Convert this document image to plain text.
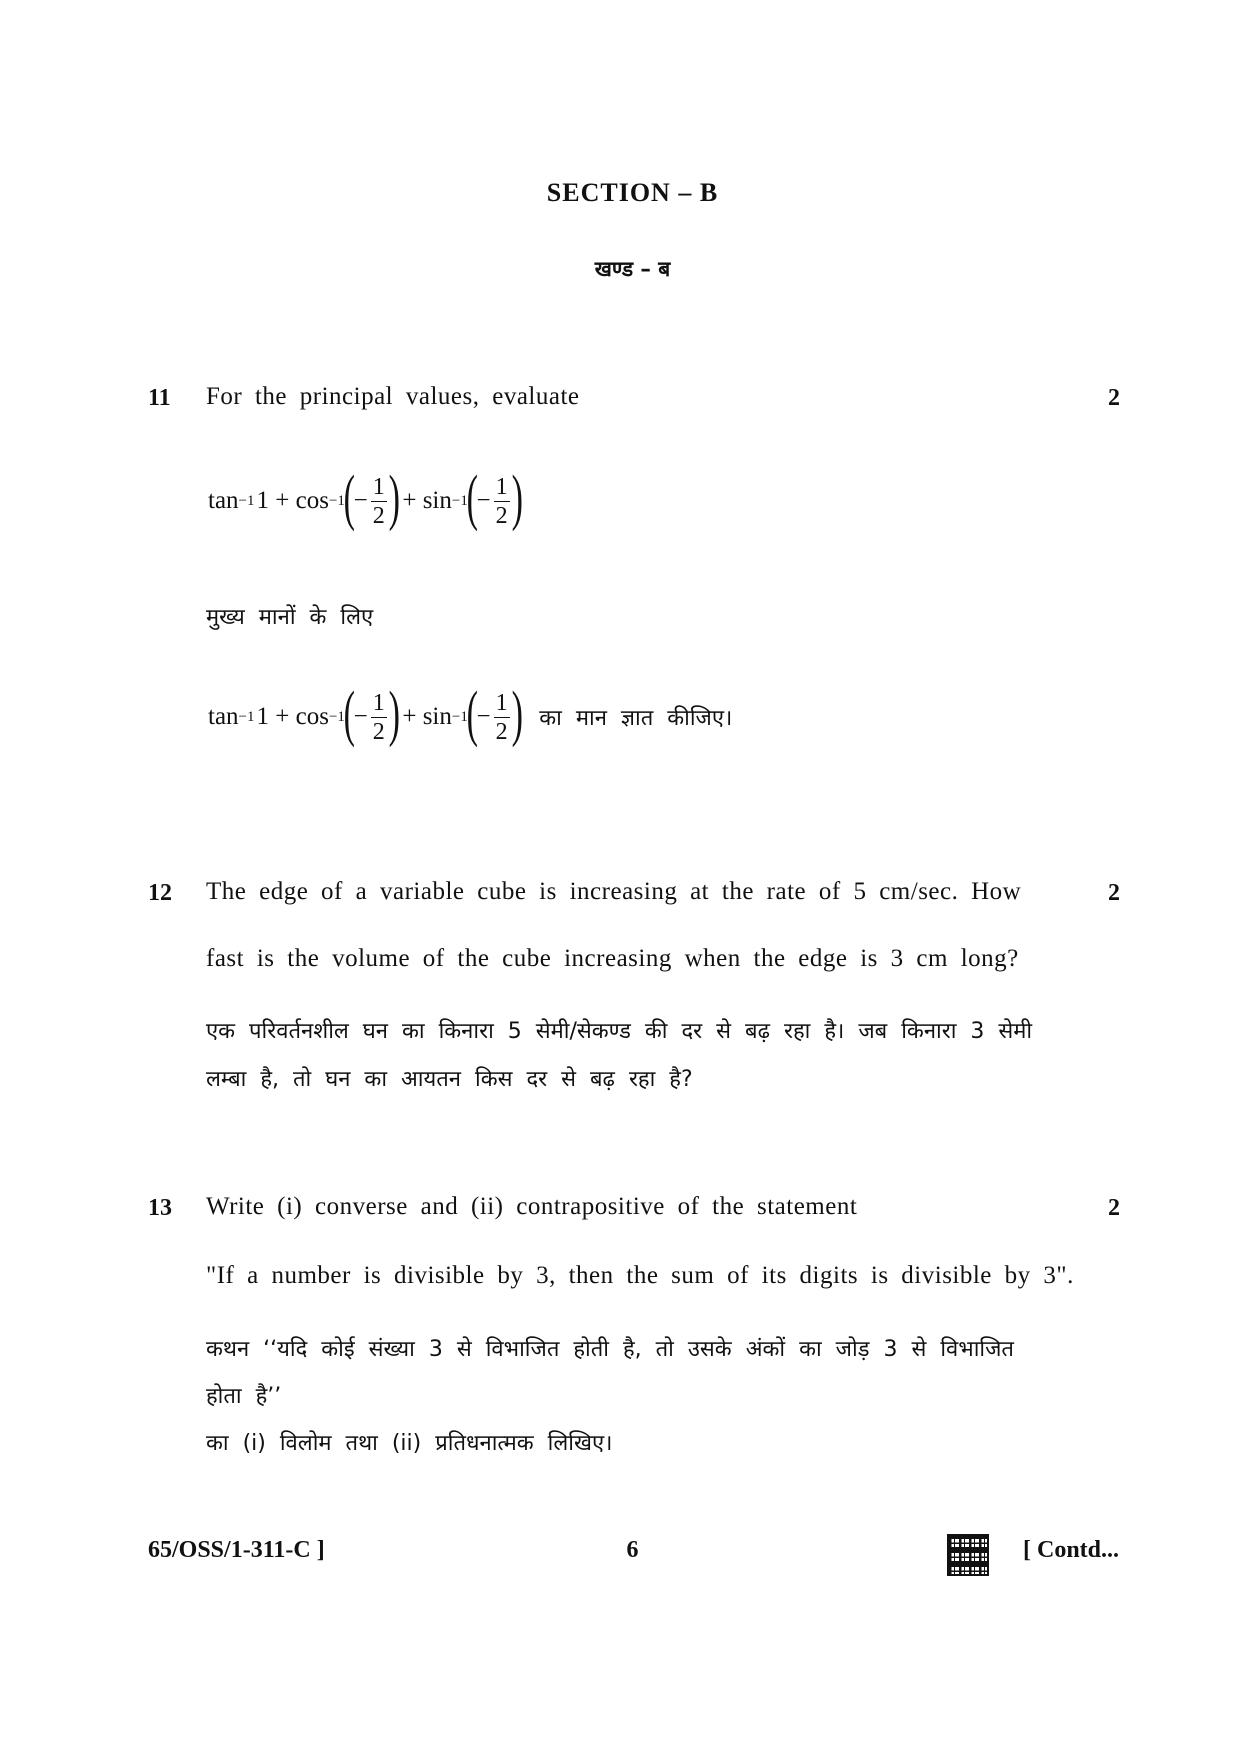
SECTION – B
खण्ड – ब
11 For the principal values, evaluate	2
tan −1 1 + cos −1
(
− $\frac{1}{2}$ ) + sin −1
(
− $\frac{1}{2}$ )
मुख्य मानों के लिए
tan −1 1 + cos −1
(
− $\frac{1}{2}$ ) + sin −1
(
− $\frac{1}{2}$ ) का मान ज्ञात कीजिए।
12 The edge of a variable cube is increasing at the rate of 5 cm/sec. How	2
fast is the volume of the cube increasing when the edge is 3 cm long?
एक परिवर्तनशील घन का किनारा 5 सेमी/सेकण्ड की दर से बढ़ रहा है। जब किनारा 3 सेमी
लम्बा है, तो घन का आयतन किस दर से बढ़ रहा है?
13 Write (i) converse and (ii) contrapositive of the statement	2
"If a number is divisible by 3, then the sum of its digits is divisible by 3".
कथन ‘‘यदि कोई संख्या 3 से विभाजित होती है, तो उसके अंकों का जोड़ 3 से विभाजित
होता है’’
का (i) विलोम तथा (ii) प्रतिधनात्मक लिखिए।
65/OSS/1-311-C ]	6	[ Contd...
